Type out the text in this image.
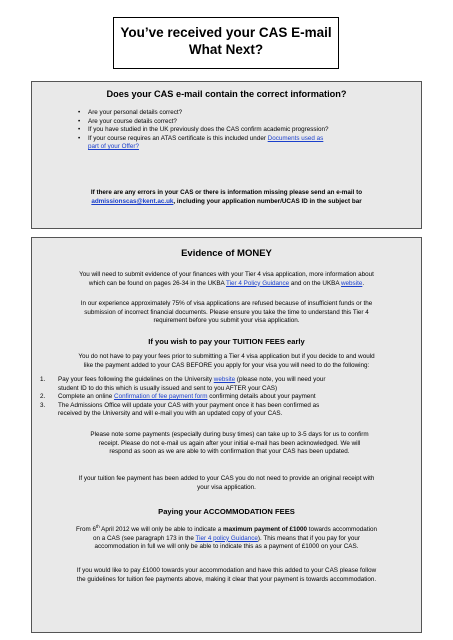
You’ve received your CAS E-mail
What Next?
Does your CAS e-mail contain the correct information?
• Are your personal details correct?
• Are your course details correct?
• If you have studied in the UK previously does the CAS confirm academic progression?
• If your course requires an ATAS certificate is this included under Documents used as
part of your Offer?
If there are any errors in your CAS or there is information missing please send an e-mail to
admissionscas@kent.ac.uk, including your application number/UCAS ID in the subject bar
Evidence of MONEY
You will need to submit evidence of your finances with your Tier 4 visa application, more information about
which can be found on pages 26-34 in the UKBA Tier 4 Policy Guidance and on the UKBA website.
In our experience approximately 75% of visa applications are refused because of insufficient funds or the
submission of incorrect financial documents. Please ensure you take the time to understand this Tier 4
requirement before you submit your visa application.
If you wish to pay your TUITION FEES early
You do not have to pay your fees prior to submitting a Tier 4 visa application but if you decide to and would
like the payment added to your CAS BEFORE you apply for your visa you will need to do the following:
1. Pay your fees following the guidelines on the University website (please note, you will need your
student ID to do this which is usually issued and sent to you AFTER your CAS)
2. Complete an online Confirmation of fee payment form confirming details about your payment
3. The Admissions Office will update your CAS with your payment once it has been confirmed as
received by the University and will e-mail you with an updated copy of your CAS.
Please note some payments (especially during busy times) can take up to 3-5 days for us to confirm
receipt. Please do not e-mail us again after your initial e-mail has been acknowledged. We will
respond as soon as we are able to with confirmation that your CAS has been updated.
If your tuition fee payment has been added to your CAS you do not need to provide an original receipt with
your visa application.
Paying your ACCOMMODATION FEES
From 6th April 2012 we will only be able to indicate a maximum payment of £1000 towards accommodation
on a CAS (see paragraph 173 in the Tier 4 policy Guidance). This means that if you pay for your
accommodation in full we will only be able to indicate this as a payment of £1000 on your CAS.
If you would like to pay £1000 towards your accommodation and have this added to your CAS please follow
the guidelines for tuition fee payments above, making it clear that your payment is towards accommodation.
